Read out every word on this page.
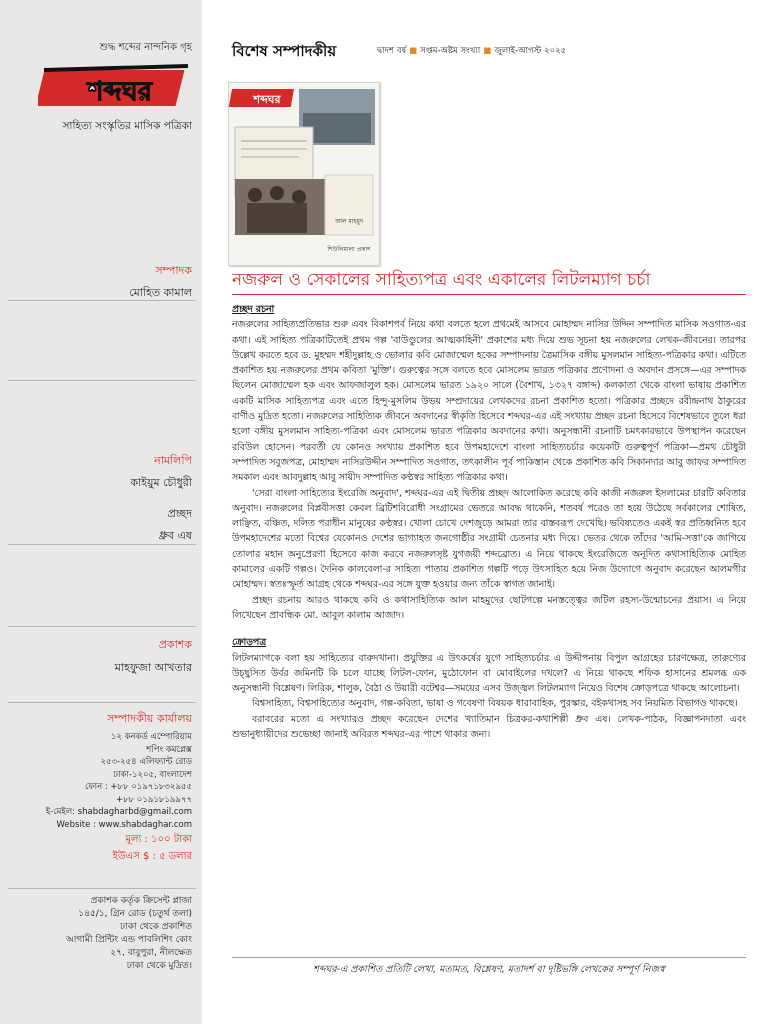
শুদ্ধ শব্দের নান্দনিক গৃহ
শব্দঘর
সাহিত্য সংস্কৃতির মাসিক পত্রিকা
সম্পাদক
মোহিত কামাল
নামলিপি
কাইয়ুম চৌধুরী
প্রচ্ছদ
ধ্রুব এষ
প্রকাশক
মাহফুজা আখতার
সম্পাদকীয় কার্যালয়
১২ কনকর্ড এম্পোরিয়াম
শপিং কমপ্লেক্স
২৫৩-২৫৪ এলিফ্যান্ট রোড
ঢাকা-১২০৫, বাংলাদেশ
ফোন : +৮৮ ০১৯৭১৮৩২৯৫৫
+৮৮ ০১৯১৮১৯৯৭৭
ই-মেইল: shabdagharbd@gmail.com
Website : www.shabdaghar.com
মূল্য : ১০০ টাকা
ইউএস $ : ৫ ডলার
প্রকাশক কর্তৃক ক্রিসেন্ট প্লাজা
১৪৫/১, গ্রিন রোড (চতুর্থ তলা)
ঢাকা থেকে প্রকাশিত
আগামী প্রিন্টিং এন্ড পাবলিশিং কোং
২৭, বাবুপুরা, নীলক্ষেত
ঢাকা থেকে মুদ্রিত।
বিশেষ সম্পাদকীয়	দ্বাদশ বর্ষ ■ সপ্তম-অষ্টম সংখ্যা ■ জুলাই-আগস্ট ২০২৫
শব্দঘর
আল মাহমুদ
শিউলিমালা প্রকাশ
নজরুল ও সেকালের সাহিত্যপত্র এবং একালের লিটলম্যাগ চর্চা
প্রচ্ছদ রচনা

নজরুলের সাহিত্যপ্রতিভার শুরু এবং বিকাশপর্ব নিয়ে কথা বলতে হলে প্রথমেই আসবে মোহাম্মদ নাসির উদ্দিন সম্পাদিত মাসিক সওগাত-এর কথা। এই সাহিত্য পত্রিকাটিতেই প্রথম গল্প 'বাউণ্ডুলের আত্মকাহিনী' প্রকাশের মধ্য দিয়ে শুভ সূচনা হয় নজরুলের লেখক-জীবনের। তারপর উল্লেখ করতে হবে ড. মুহম্মদ শহীদুল্লাহ ও ভোলার কবি মোজাম্মেল হকের সম্পাদনায় ত্রৈমাসিক বঙ্গীয় মুসলমান সাহিত্য-পত্রিকার কথা। এটিতে প্রকাশিত হয় নজরুলের প্রথম কবিতা 'মুক্তি'। গুরুত্বের সঙ্গে বলতে হবে মোসলেম ভারত পত্রিকার প্রণোদনা ও অবদান প্রসঙ্গে—এর সম্পাদক ছিলেন মোজাম্মেল হক এবং আফজালুল হক। মোসলেম ভারত ১৯২০ সালে (বৈশাখ, ১৩২৭ বঙ্গাব্দ) কলকাতা থেকে বাংলা ভাষায় প্রকাশিত একটি মাসিক সাহিত্যপত্র এবং এতে হিন্দু-মুসলিম উভয় সম্প্রদায়ের লেখকদের রচনা প্রকাশিত হতো। পত্রিকার প্রচ্ছদে রবীন্দ্রনাথ ঠাকুরের বাণীও মুদ্রিত হতো। নজরুলের সাহিত্যিক জীবনে অবদানের স্বীকৃতি হিসেবে শব্দঘর-এর এই সংখ্যায় প্রচ্ছদ রচনা হিসেবে বিশেষভাবে তুলে ধরা হলো বঙ্গীয় মুসলমান সাহিত্য-পত্রিকা এবং মোসলেম ভারত পত্রিকার অবদানের কথা। অনুসন্ধানী রচনাটি চমৎকারভাবে উপস্থাপন করেছেন রবিউল হোসেন। পরবর্তী যে কোনও সংখ্যায় প্রকাশিত হবে উপমহাদেশে বাংলা সাহিত্যচর্চার কয়েকটি গুরুত্বপূর্ণ পত্রিকা—প্রমথ চৌধুরী সম্পাদিত সবুজপত্র, মোহাম্মদ নাসিরউদ্দীন সম্পাদিত সওগাত, তৎকালীন পূর্ব পাকিস্তান থেকে প্রকাশিত কবি সিকানদার আবু জাফর সম্পাদিত সমকাল এবং আবদুল্লাহ আবু সায়ীদ সম্পাদিত কণ্ঠস্বর সাহিত্য পত্রিকার কথা।

'সেরা বাংলা সাহিত্যের ইংরেজি অনুবাদ', শব্দঘর-এর এই দ্বিতীয় প্রচ্ছদ আলোকিত করেছে কবি কাজী নজরুল ইসলামের চারটি কবিতার অনুবাদ। নজরুলের বিপ্লবীসত্তা কেবল ব্রিটিশবিরোধী সংগ্রামের ভেতরে আবদ্ধ থাকেনি, শতবর্ষ পরেও তা হয়ে উঠেছে সর্বকালের শোষিত, লাঞ্ছিত, বঞ্চিত, দলিত পরাধীন মানুষের কণ্ঠস্বর। খোলা চোখে দেশজুড়ে আমরা তার বাস্তবরূপ দেখেছি। ভবিষ্যতেও একই স্বর প্রতিধ্বনিত হবে উপমহাদেশের মতো বিশ্বের যেকোনও দেশের ভাগ্যাহত জনগোষ্ঠীর সংগ্রামী চেতনার মধ্য দিয়ে। ভেতর থেকে তাঁদের 'আমি-সত্তা'কে জাগিয়ে তোলার মহান অনুপ্রেরণা হিসেবে কাজ করবে নজরুলসৃষ্ট যুগজয়ী শব্দব্রোত। এ নিয়ে থাকছে ইংরেজিতে অনূদিত কথাসাহিত্যিক মোহিত কামালের একটি গল্পও। দৈনিক কালবেলা-র সাহিত্য পাতায় প্রকাশিত গল্পটি পড়ে উৎসাহিত হয়ে নিজ উদ্যোগে অনুবাদ করেছেন আলমগীর মোহাম্মদ। স্বতঃস্ফূর্ত আগ্রহ থেকে শব্দঘর-এর সঙ্গে যুক্ত হওয়ার জন্য তাঁকে স্বাগত জানাই।

প্রচ্ছদ রচনায় আরও থাকছে কবি ও কথাসাহিত্যিক আল মাহমুদের ছোটগল্পে মনস্তত্ত্বের জটিল রহস্য-উন্মোচনের প্রয়াস। এ নিয়ে লিখেছেন প্রাবন্ধিক মো. আবুল কালাম আজাদ।

ক্রোড়পত্র

লিটলম্যাগকে বলা হয় সাহিত্যের বারুদখানা। প্রযুক্তির এ উৎকর্ষের যুগে সাহিত্যচর্চার এ উদ্দীপনায় বিপুল আগ্রহের চারণক্ষেত্র, তারুণ্যের উচ্ছ্বসিত উর্বর জমিনটি কি চলে যাচ্ছে লিটল-ফোন, মুঠোফোন বা মোবাইলের দখলে? এ নিয়ে থাকছে শফিক হাসানের শ্রমলব্ধ এক অনুসন্ধানী বিশ্লেষণ। লিরিক, শালুক, বৈঠা ও উয়ারী বটেশ্বর—সময়ের এসব উজ্জ্বল লিটলম্যাগ নিয়েও বিশেষ ক্রোড়পত্রে থাকছে আলোচনা।

বিশ্বসাহিত্য, বিশ্বসাহিত্যের অনুবাদ, গল্প-কবিতা, ভাষা ও গবেষণা বিষয়ক ধারাবাহিক, পুরস্কার, বইকথাসহ সব নিয়মিত বিভাগও থাকছে।

বরাবরের মতো এ সংখ্যারও প্রচ্ছদ করেছেন দেশের খ্যাতিমান চিত্রকর-কথাশিল্পী ধ্রুব এষ। লেখক-পাঠক, বিজ্ঞাপনদাতা এবং শুভানুধ্যায়ীদের শুভেচ্ছা জানাই অবিরত শব্দঘর-এর পাশে থাকার জন্য।

শব্দঘর-এ প্রকাশিত প্রতিটি লেখা, মতামত, বিশ্লেষণ, মতাদর্শ বা দৃষ্টিভঙ্গি লেখকের সম্পূর্ণ নিজস্ব
